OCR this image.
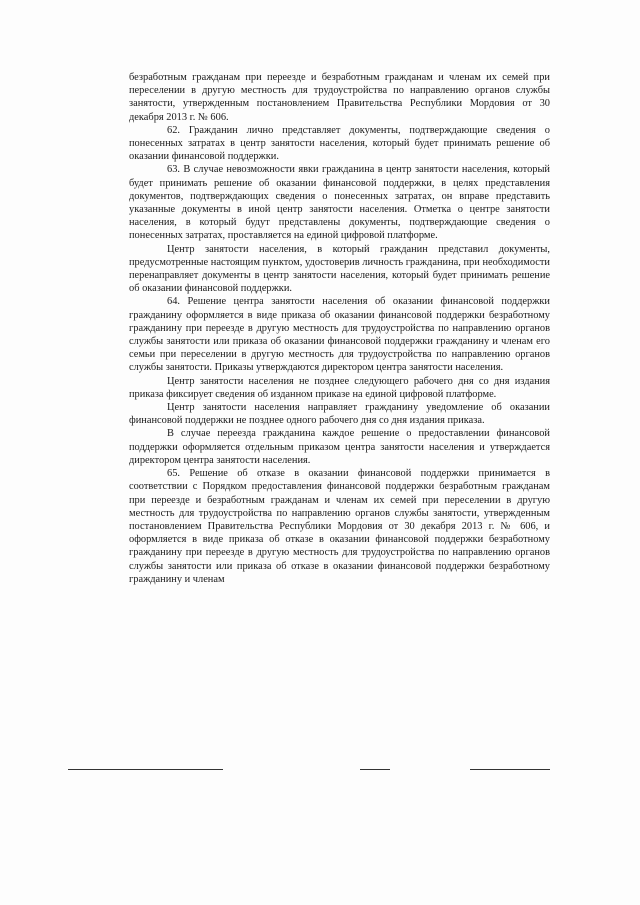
безработным гражданам при переезде и безработным гражданам и членам их семей при переселении в другую местность для трудоустройства по направлению органов службы занятости, утвержденным постановлением Правительства Республики Мордовия от 30 декабря 2013 г. № 606.

62. Гражданин лично представляет документы, подтверждающие сведения о понесенных затратах в центр занятости населения, который будет принимать решение об оказании финансовой поддержки.

63. В случае невозможности явки гражданина в центр занятости населения, который будет принимать решение об оказании финансовой поддержки, в целях представления документов, подтверждающих сведения о понесенных затратах, он вправе представить указанные документы в иной центр занятости населения. Отметка о центре занятости населения, в который будут представлены документы, подтверждающие сведения о понесенных затратах, проставляется на единой цифровой платформе.

Центр занятости населения, в который гражданин представил документы, предусмотренные настоящим пунктом, удостоверив личность гражданина, при необходимости перенаправляет документы в центр занятости населения, который будет принимать решение об оказании финансовой поддержки.

64. Решение центра занятости населения об оказании финансовой поддержки гражданину оформляется в виде приказа об оказании финансовой поддержки безработному гражданину при переезде в другую местность для трудоустройства по направлению органов службы занятости или приказа об оказании финансовой поддержки гражданину и членам его семьи при переселении в другую местность для трудоустройства по направлению органов службы занятости. Приказы утверждаются директором центра занятости населения.

Центр занятости населения не позднее следующего рабочего дня со дня издания приказа фиксирует сведения об изданном приказе на единой цифровой платформе.

Центр занятости населения направляет гражданину уведомление об оказании финансовой поддержки не позднее одного рабочего дня со дня издания приказа.

В случае переезда гражданина каждое решение о предоставлении финансовой поддержки оформляется отдельным приказом центра занятости населения и утверждается директором центра занятости населения.

65. Решение об отказе в оказании финансовой поддержки принимается в соответствии с Порядком предоставления финансовой поддержки безработным гражданам при переезде и безработным гражданам и членам их семей при переселении в другую местность для трудоустройства по направлению органов службы занятости, утвержденным постановлением Правительства Республики Мордовия от 30 декабря 2013 г. № 606, и оформляется в виде приказа об отказе в оказании финансовой поддержки безработному гражданину при переезде в другую местность для трудоустройства по направлению органов службы занятости или приказа об отказе в оказании финансовой поддержки безработному гражданину и членам
